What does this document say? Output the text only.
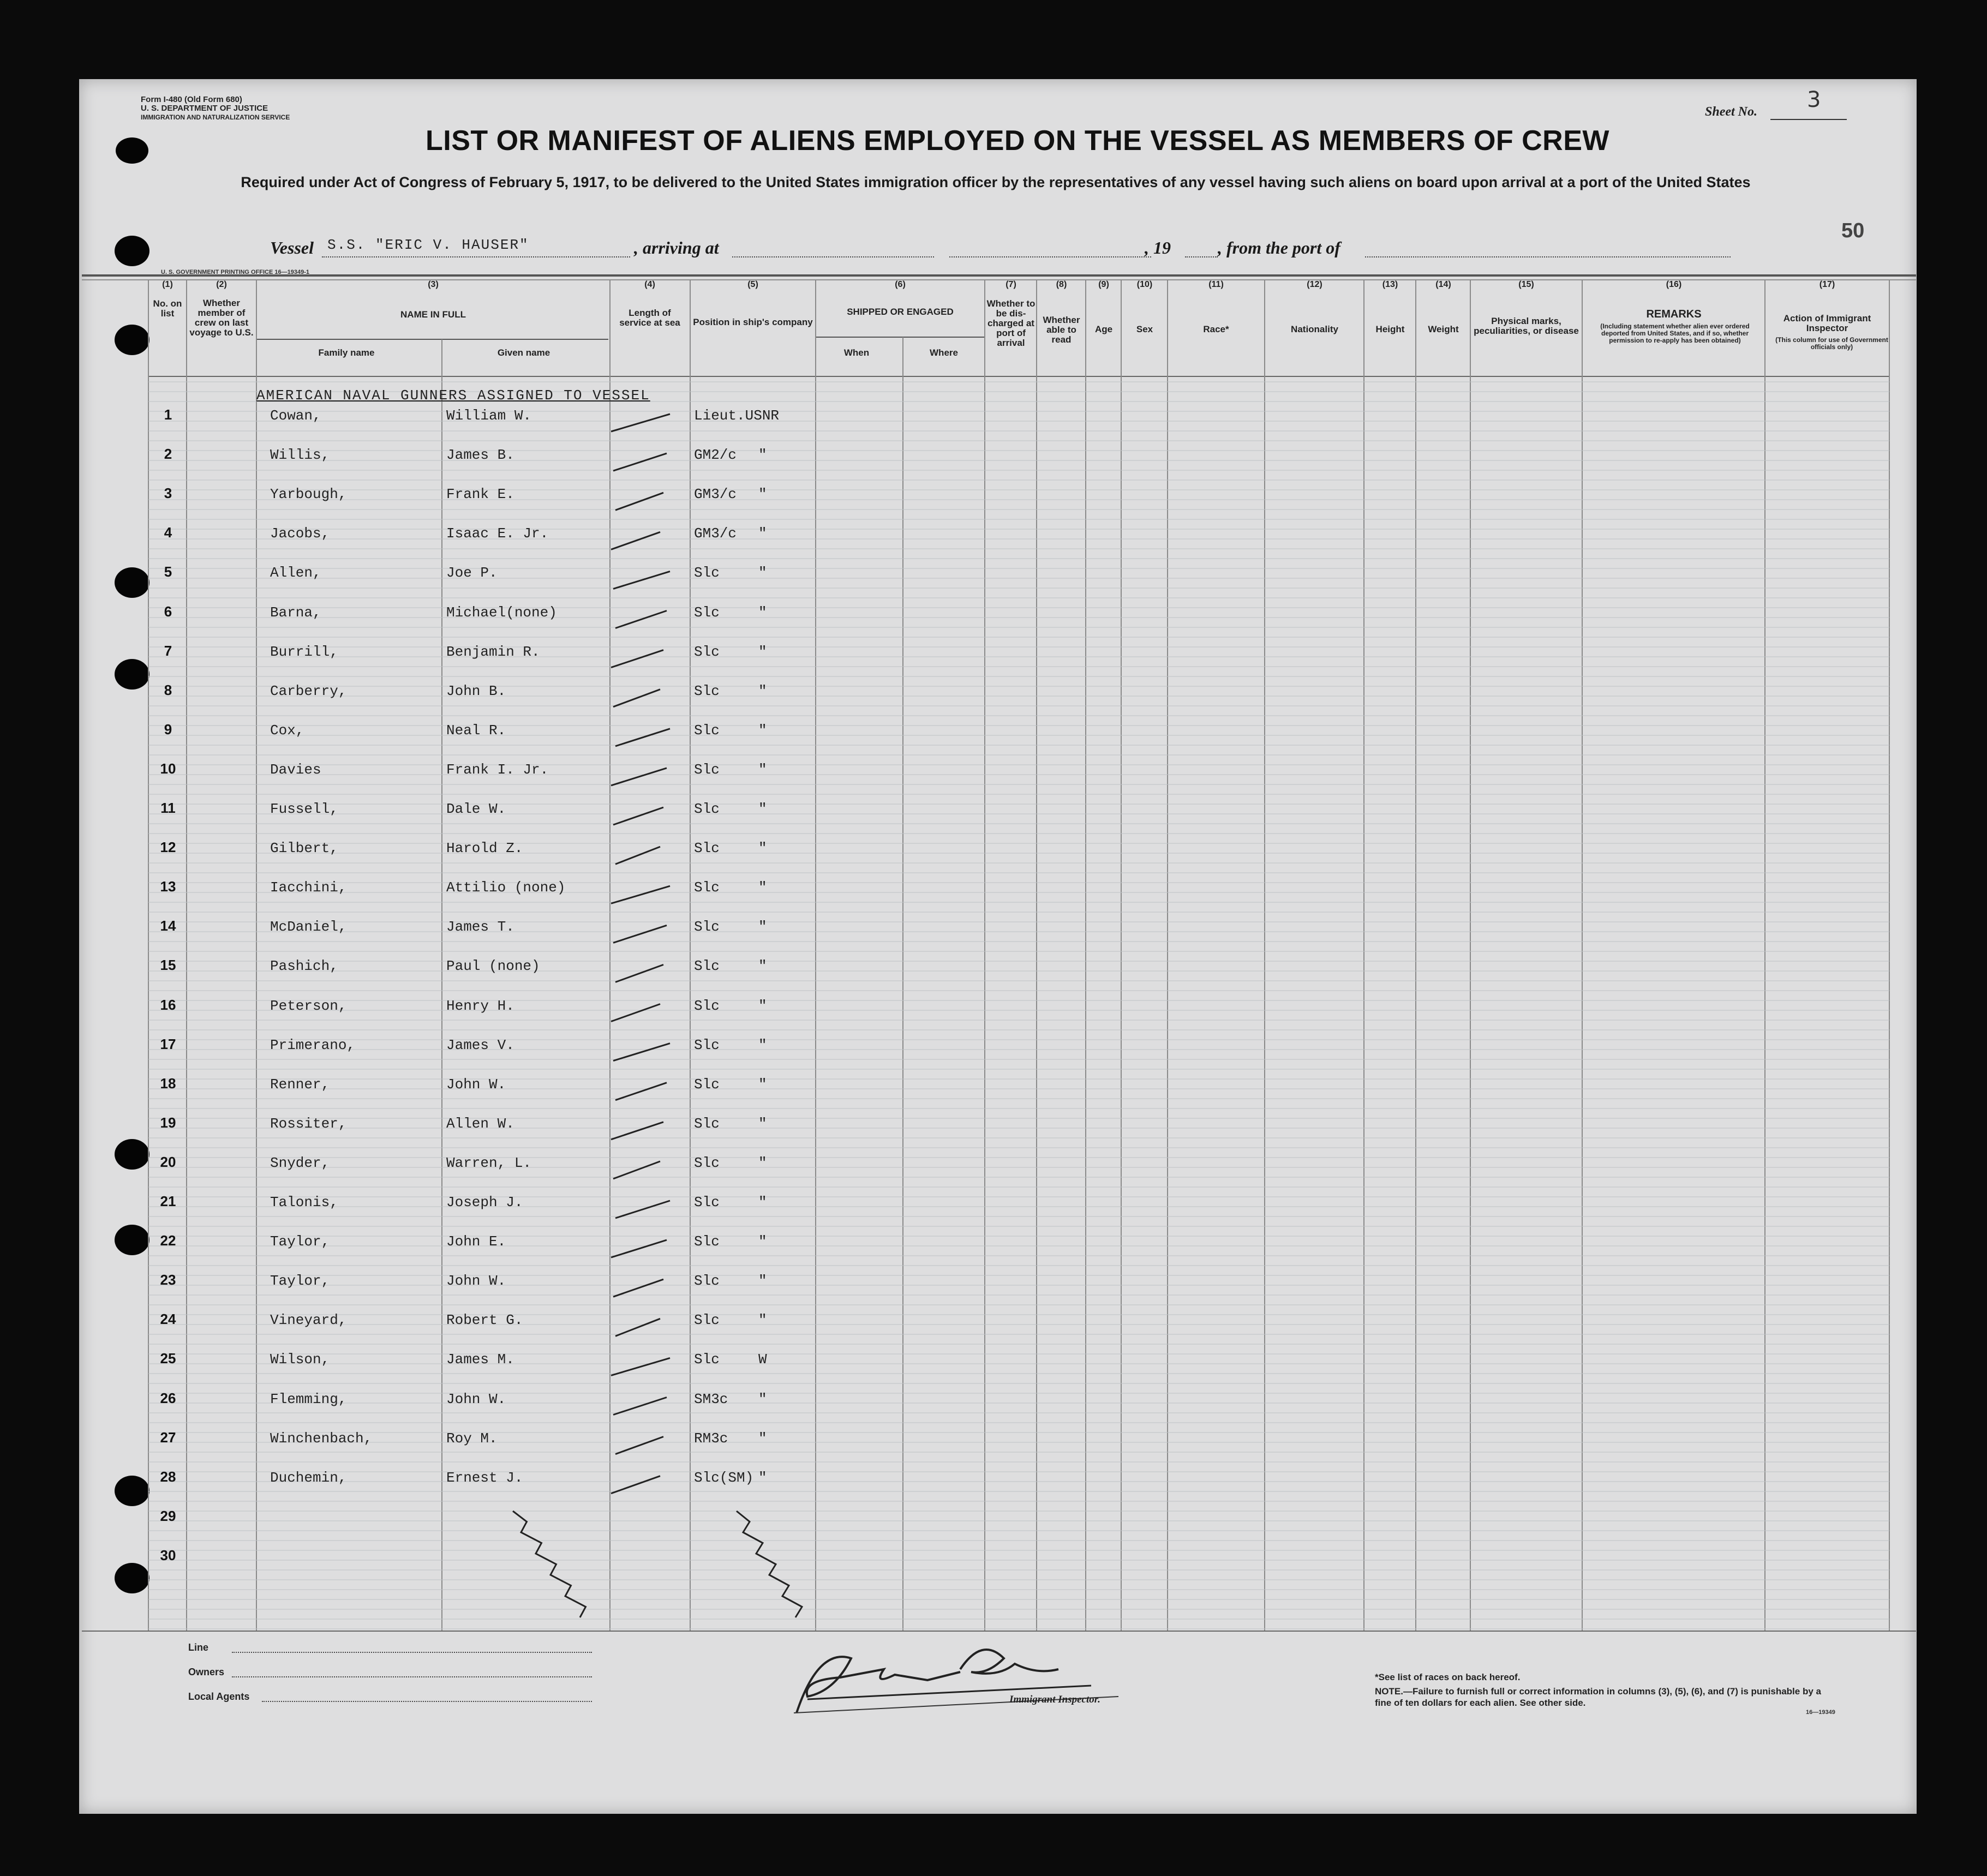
Form I-480 (Old Form 680)
U. S. DEPARTMENT OF JUSTICE
IMMIGRATION AND NATURALIZATION SERVICE	Sheet No. 3
LIST OR MANIFEST OF ALIENS EMPLOYED ON THE VESSEL AS MEMBERS OF CREW
Required under Act of Congress of February 5, 1917, to be delivered to the United States immigration officer by the representatives of any vessel having such aliens on board upon arrival at a port of the United States
50
Vessel S.S. "ERIC V. HAUSER"	, arriving at	, 19	, from the port of
U. S. GOVERNMENT PRINTING OFFICE 16—19349-1
(1)
No. on list
(2)
Whether member of crew on last voyage to U.S.
(3)
NAME IN FULL
(4)
Length of service at sea
(5)
Position in ship's company
(6)
SHIPPED OR ENGAGED
(7)
Whether to be dis-charged at port of arrival
(8)
Whether able to read
(9)
Age
(10)
Sex
(11)
Race*
(12)
Nationality
(13)
Height
(14)
Weight
(15)
Physical marks, peculiarities, or disease
(16)
REMARKS
(17)
Action of Immigrant Inspector
Family name	Given name	When	Where
(Including statement whether alien ever ordered deported from United States, and if so, whether permission to re-apply has been obtained)	(This column for use of Government officials only)
AMERICAN NAVAL GUNNERS ASSIGNED TO VESSEL
1	Cowan,	William W.	Lieut.USNR
2	Willis,	James B.	GM2/c "
3	Yarbough,	Frank E.	GM3/c "
4	Jacobs,	Isaac E. Jr.	GM3/c "
5	Allen,	Joe P.	Slc	"
6	Barna,	Michael(none)	Slc	"
7	Burrill,	Benjamin R.	Slc	"
8	Carberry,	John B.	Slc	"
9	Cox,	Neal R.	Slc	"
10	Davies	Frank I. Jr.	Slc	"
11	Fussell,	Dale W.	Slc	"
12	Gilbert,	Harold Z.	Slc	"
13	Iacchini,	Attilio (none)	Slc	"
14	McDaniel,	James T.	Slc	"
15	Pashich,	Paul (none)	Slc	"
16	Peterson,	Henry H.	Slc	"
17	Primerano,	James V.	Slc	"
18	Renner,	John W.	Slc	"
19	Rossiter,	Allen W.	Slc	"
20	Snyder,	Warren, L.	Slc	"
21	Talonis,	Joseph J.	Slc	"
22	Taylor,	John E.	Slc	"
23	Taylor,	John W.	Slc	"
24	Vineyard,	Robert G.	Slc	"
25	Wilson,	James M.	Slc	W
26	Flemming,	John W.	SM3c "
27	Winchenbach,	Roy M.	RM3c "
28	Duchemin,	Ernest J.	Slc(SM) "
29
30
Line
Owners
Local Agents	Immigrant Inspector.
*See list of races on back hereof.
NOTE.—Failure to furnish full or correct information in columns (3), (5), (6), and (7) is punishable by a fine of ten dollars for each alien. See other side.
16—19349
